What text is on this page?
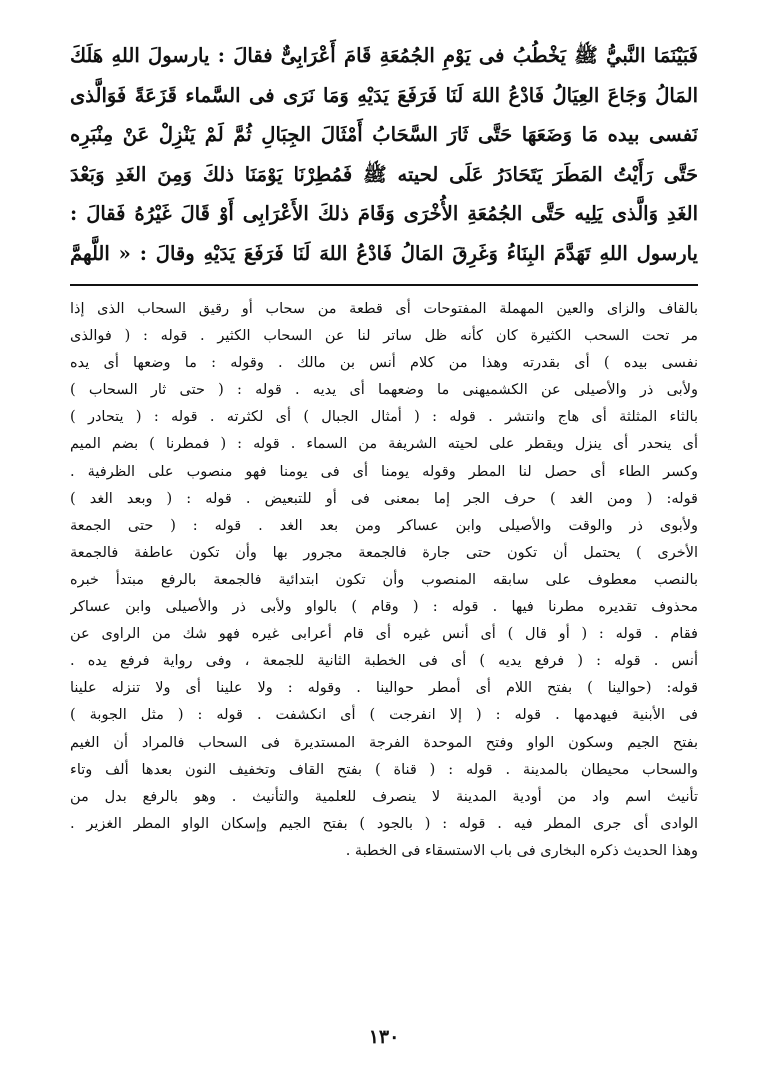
فَبَيْنَمَا النَّبيُّ ﷺ يَخْطُبُ فى يَوْمِ الجُمُعَةِ قَامَ أَعْرَابِىٌّ فقالَ : يارسولَ اللهِ هَلَكَ
المَالُ وَجَاعَ العِيَالُ فَادْعُ اللهَ لَنَا فَرَفَعَ يَدَيْهِ وَمَا نَرَى فى السَّماء قَزَعَةً فَوَالَّذى
نَفسى بيده مَا وَضَعَهَا حَتَّى ثَارَ السَّحَابُ أَمْثَالَ الجِبَالِ ثُمَّ لَمْ يَنْزِلْ عَنْ مِنْبَرِه
حَتَّى رَأَيْتُ المَطَرَ يَتَحَادَرُ عَلَى لحيته ﷺ فَمُطِرْنَا يَوْمَنَا ذلكَ وَمِنَ الغَدِ وَبَعْدَ
الغَدِ وَالَّذى يَلِيه حَتَّى الجُمُعَةِ الأُخْرَى وَقَامَ ذلكَ الأَعْرَابِى أَوْ قَالَ غَيْرُهُ فَقالَ :
يارسول اللهِ تَهَدَّمَ البِنَاءُ وَغَرِقَ المَالُ فَادْعُ اللهَ لَنَا فَرَفَعَ يَدَيْهِ وقالَ : « اللَّهمَّ
بالقاف والزاى والعين المهملة المفتوحات أى قطعة من سحاب أو رقيق السحاب الذى إذا
مر تحت السحب الكثيرة كان كأنه ظل ساتر لنا عن السحاب الكثير . قوله : ( فوالذى
نفسى بيده ) أى بقدرته وهذا من كلام أنس بن مالك . وقوله : ما وضعها أى يده
ولأبى ذر والأصيلى عن الكشميهنى ما وضعهما أى يديه . قوله : ( حتى ثار السحاب )
بالثاء المثلثة أى هاج وانتشر . قوله : ( أمثال الجبال ) أى لكثرته . قوله : ( يتحادر )
أى ينحدر أى ينزل ويقطر على لحيته الشريفة من السماء . قوله : ( فمطرنا ) بضم الميم
وكسر الطاء أى حصل لنا المطر وقوله يومنا أى فى يومنا فهو منصوب على الظرفية .
قوله: ( ومن الغد ) حرف الجر إما بمعنى فى أو للتبعيض . قوله : ( وبعد الغد )
ولأبوى ذر والوقت والأصيلى وابن عساكر ومن بعد الغد . قوله : ( حتى الجمعة
الأخرى ) يحتمل أن تكون حتى جارة فالجمعة مجرور بها وأن تكون عاطفة فالجمعة
بالنصب معطوف على سابقه المنصوب وأن تكون ابتدائية فالجمعة بالرفع مبتدأ خبره
محذوف تقديره مطرنا فيها . قوله : ( وقام ) بالواو ولأبى ذر والأصيلى وابن عساكر
فقام . قوله : ( أو قال ) أى أنس غيره أى قام أعرابى غيره فهو شك من الراوى عن
أنس . قوله : ( فرفع يديه ) أى فى الخطبة الثانية للجمعة ، وفى رواية فرفع يده .
قوله: (حوالينا ) بفتح اللام أى أمطر حوالينا . وقوله : ولا علينا أى ولا تنزله علينا
فى الأبنية فيهدمها . قوله : ( إلا انفرجت ) أى انكشفت . قوله : ( مثل الجوبة )
بفتح الجيم وسكون الواو وفتح الموحدة الفرجة المستديرة فى السحاب فالمراد أن الغيم
والسحاب محيطان بالمدينة . قوله : ( قناة ) بفتح القاف وتخفيف النون بعدها ألف وتاء
تأنيث اسم واد من أودية المدينة لا ينصرف للعلمية والتأنيث . وهو بالرفع بدل من
الوادى أى جرى المطر فيه . قوله : ( بالجود ) بفتح الجيم وإسكان الواو المطر الغزير .
وهذا الحديث ذكره البخارى فى باب الاستسقاء فى الخطبة .
١٣٠
